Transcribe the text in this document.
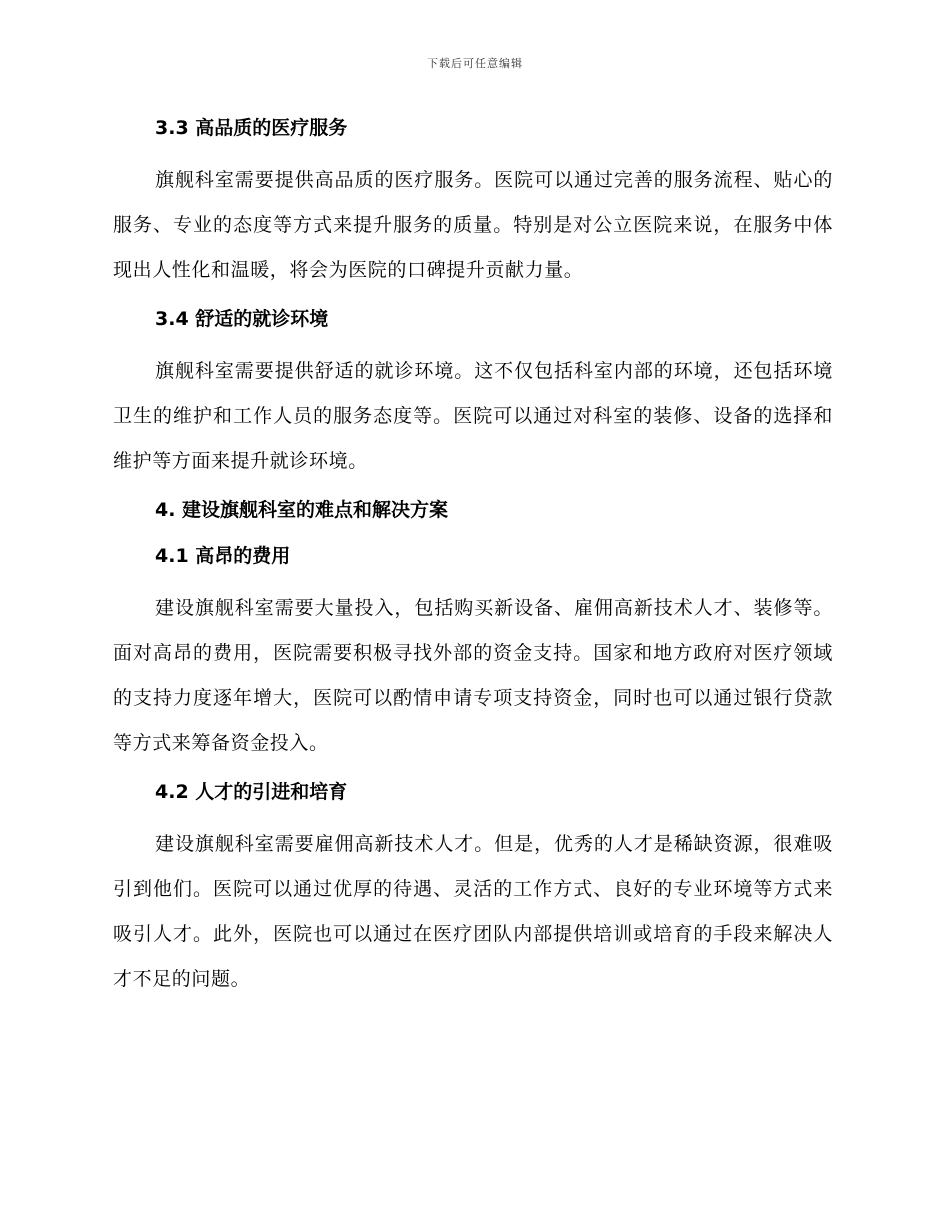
下载后可任意编辑
3.3 高品质的医疗服务

旗舰科室需要提供高品质的医疗服务。医院可以通过完善的服务流程、贴心的服务、专业的态度等方式来提升服务的质量。特别是对公立医院来说，在服务中体现出人性化和温暖，将会为医院的口碑提升贡献力量。

3.4 舒适的就诊环境

旗舰科室需要提供舒适的就诊环境。这不仅包括科室内部的环境，还包括环境卫生的维护和工作人员的服务态度等。医院可以通过对科室的装修、设备的选择和维护等方面来提升就诊环境。

4. 建设旗舰科室的难点和解决方案
4.1 高昂的费用

建设旗舰科室需要大量投入，包括购买新设备、雇佣高新技术人才、装修等。面对高昂的费用，医院需要积极寻找外部的资金支持。国家和地方政府对医疗领域的支持力度逐年增大，医院可以酌情申请专项支持资金，同时也可以通过银行贷款等方式来筹备资金投入。

4.2 人才的引进和培育

建设旗舰科室需要雇佣高新技术人才。但是，优秀的人才是稀缺资源，很难吸引到他们。医院可以通过优厚的待遇、灵活的工作方式、良好的专业环境等方式来吸引人才。此外，医院也可以通过在医疗团队内部提供培训或培育的手段来解决人才不足的问题。
